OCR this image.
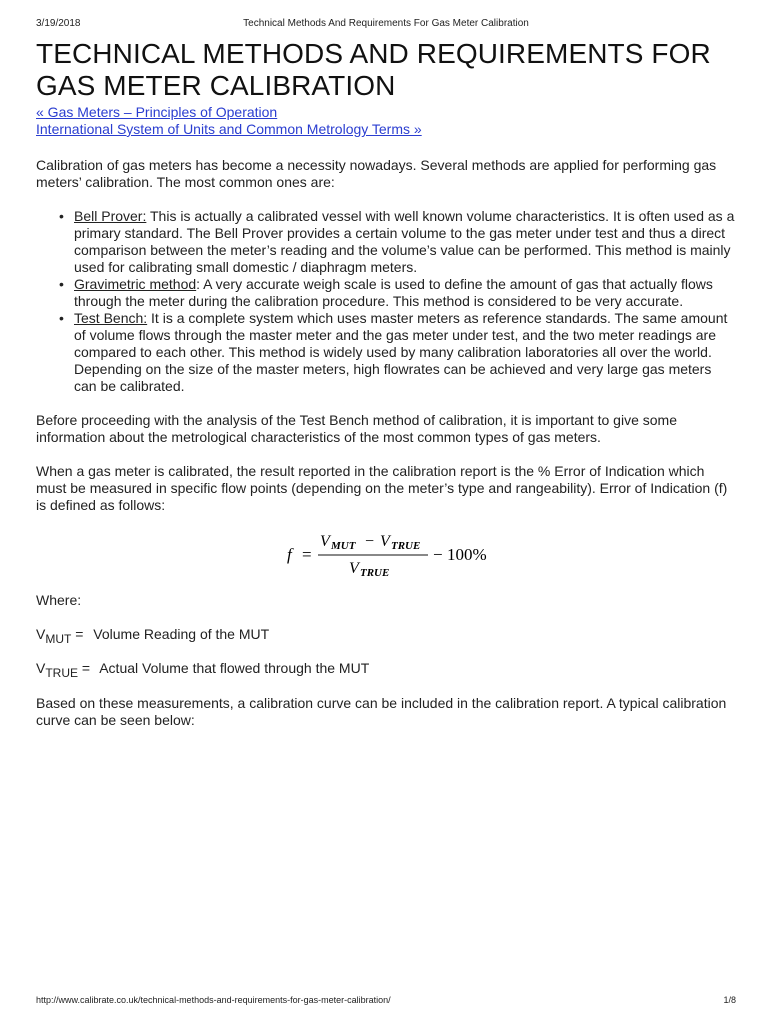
3/19/2018	Technical Methods And Requirements For Gas Meter Calibration
TECHNICAL METHODS AND REQUIREMENTS FOR GAS METER CALIBRATION
« Gas Meters – Principles of Operation
International System of Units and Common Metrology Terms »

Calibration of gas meters has become a necessity nowadays. Several methods are applied for performing gas meters’ calibration. The most common ones are:

• Bell Prover: This is actually a calibrated vessel with well known volume characteristics. It is often used as a primary standard. The Bell Prover provides a certain volume to the gas meter under test and thus a direct comparison between the meter’s reading and the volume’s value can be performed. This method is mainly used for calibrating small domestic / diaphragm meters.
• Gravimetric method: A very accurate weigh scale is used to define the amount of gas that actually flows through the meter during the calibration procedure. This method is considered to be very accurate.
• Test Bench: It is a complete system which uses master meters as reference standards. The same amount of volume flows through the master meter and the gas meter under test, and the two meter readings are compared to each other. This method is widely used by many calibration laboratories all over the world. Depending on the size of the master meters, high flowrates can be achieved and very large gas meters can be calibrated.

Before proceeding with the analysis of the Test Bench method of calibration, it is important to give some information about the metrological characteristics of the most common types of gas meters.

When a gas meter is calibrated, the result reported in the calibration report is the % Error of Indication which must be measured in specific flow points (depending on the meter’s type and rangeability). Error of Indication (f) is defined as follows:

f =
V MUT − V TRUE
V TRUE
− 100%

Where:

$V_{MUT}$ = Volume Reading of the MUT
$V_{TRUE}$ = Actual Volume that flowed through the MUT

Based on these measurements, a calibration curve can be included in the calibration report. A typical calibration curve can be seen below:

http://www.calibrate.co.uk/technical-methods-and-requirements-for-gas-meter-calibration/	1/8
